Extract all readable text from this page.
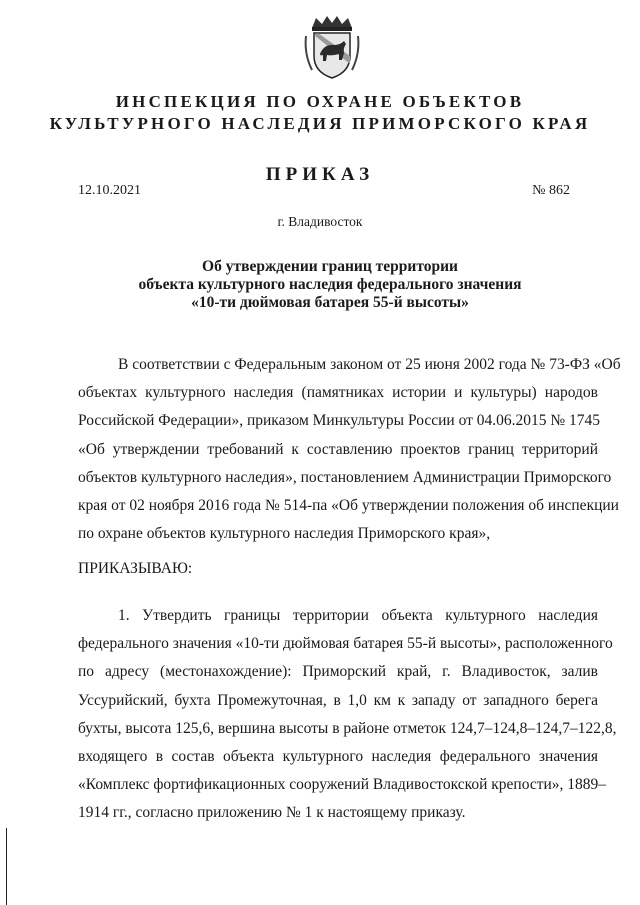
ИНСПЕКЦИЯ ПО ОХРАНЕ ОБЪЕКТОВ
КУЛЬТУРНОГО НАСЛЕДИЯ ПРИМОРСКОГО КРАЯ
ПРИКАЗ
12.10.2021	№ 862
г. Владивосток
Об утверждении границ территории
объекта культурного наследия федерального значения
«10-ти дюймовая батарея 55-й высоты»
В соответствии с Федеральным законом от 25 июня 2002 года № 73-ФЗ «Об
объектах культурного наследия (памятниках истории и культуры) народов
Российской Федерации», приказом Минкультуры России от 04.06.2015 № 1745
«Об утверждении требований к составлению проектов границ территорий
объектов культурного наследия», постановлением Администрации Приморского
края от 02 ноября 2016 года № 514-па «Об утверждении положения об инспекции
по охране объектов культурного наследия Приморского края»,
ПРИКАЗЫВАЮ:
1. Утвердить границы территории объекта культурного наследия
федерального значения «10-ти дюймовая батарея 55-й высоты», расположенного
по адресу (местонахождение): Приморский край, г. Владивосток, залив
Уссурийский, бухта Промежуточная, в 1,0 км к западу от западного берега
бухты, высота 125,6, вершина высоты в районе отметок 124,7–124,8–124,7–122,8,
входящего в состав объекта культурного наследия федерального значения
«Комплекс фортификационных сооружений Владивостокской крепости», 1889–
1914 гг., согласно приложению № 1 к настоящему приказу.
